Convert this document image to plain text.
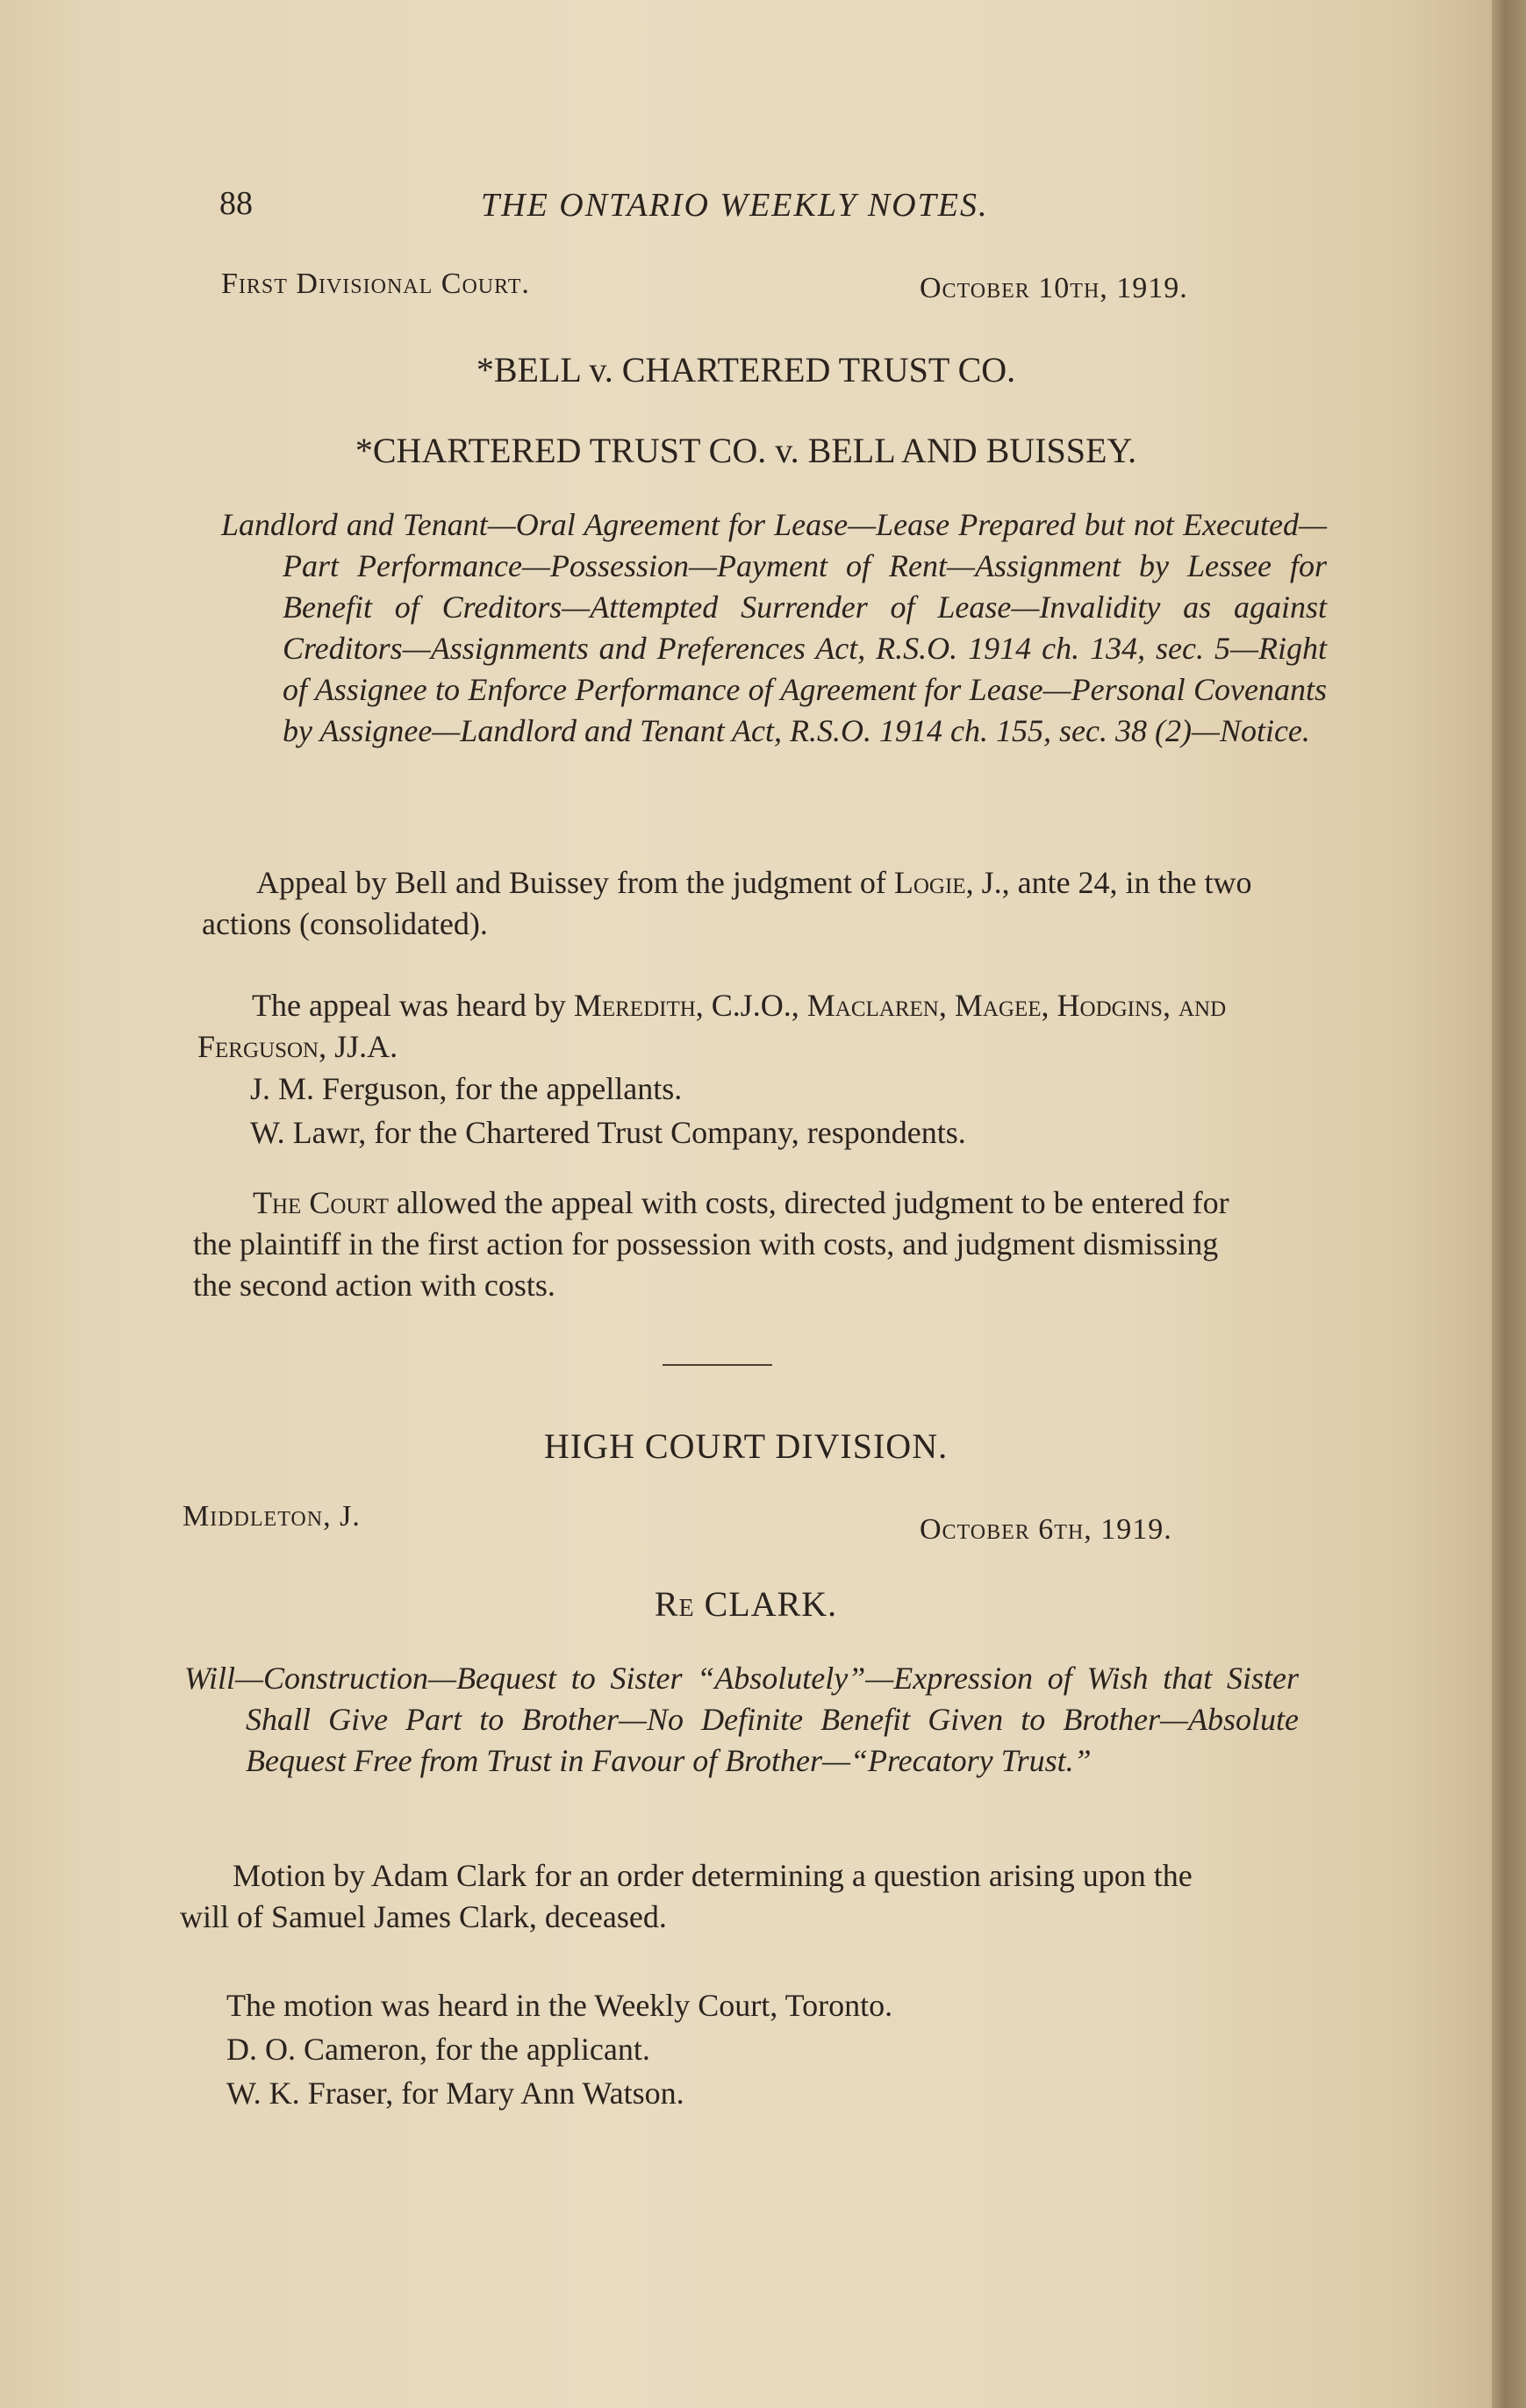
88	THE ONTARIO WEEKLY NOTES.
First Divisional Court.	October 10th, 1919.
*BELL v. CHARTERED TRUST CO.
*CHARTERED TRUST CO. v. BELL AND BUISSEY.
Landlord and Tenant—Oral Agreement for Lease—Lease Prepared but not Executed—Part Performance—Possession—Payment of Rent—Assignment by Lessee for Benefit of Creditors—Attempted Surrender of Lease—Invalidity as against Creditors—Assignments and Preferences Act, R.S.O. 1914 ch. 134, sec. 5—Right of Assignee to Enforce Performance of Agreement for Lease—Personal Covenants by Assignee—Landlord and Tenant Act, R.S.O. 1914 ch. 155, sec. 38 (2)—Notice.
Appeal by Bell and Buissey from the judgment of Logie, J., ante 24, in the two actions (consolidated).
The appeal was heard by Meredith, C.J.O., Maclaren, Magee, Hodgins, and Ferguson, JJ.A.
J. M. Ferguson, for the appellants.
W. Lawr, for the Chartered Trust Company, respondents.
The Court allowed the appeal with costs, directed judgment to be entered for the plaintiff in the first action for possession with costs, and judgment dismissing the second action with costs.
HIGH COURT DIVISION.
Middleton, J.	October 6th, 1919.
Re CLARK.
Will—Construction—Bequest to Sister “Absolutely”—Expression of Wish that Sister Shall Give Part to Brother—No Definite Benefit Given to Brother—Absolute Bequest Free from Trust in Favour of Brother—“Precatory Trust.”
Motion by Adam Clark for an order determining a question arising upon the will of Samuel James Clark, deceased.
The motion was heard in the Weekly Court, Toronto.
D. O. Cameron, for the applicant.
W. K. Fraser, for Mary Ann Watson.
